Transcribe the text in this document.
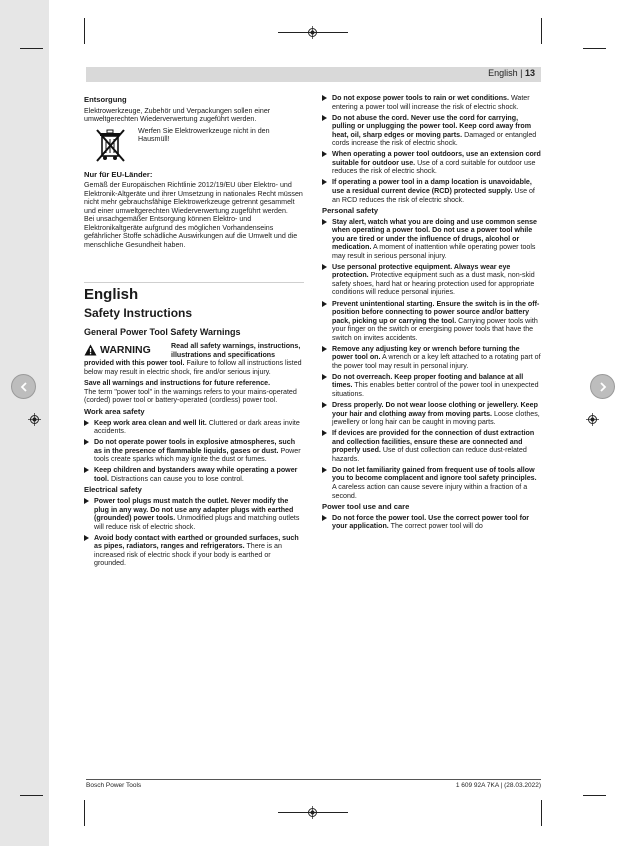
English | 13
Entsorgung
Elektrowerkzeuge, Zubehör und Verpackungen sollen einer umweltgerechten Wiederverwertung zugeführt werden.
Werfen Sie Elektrowerkzeuge nicht in den Hausmüll!
Nur für EU-Länder:
Gemäß der Europäischen Richtlinie 2012/19/EU über Elektro- und Elektronik-Altgeräte und ihrer Umsetzung in nationales Recht müssen nicht mehr gebrauchsfähige Elektrowerkzeuge getrennt gesammelt und einer umweltgerechten Wiederverwertung zugeführt werden.
Bei unsachgemäßer Entsorgung können Elektro- und Elektronikaltgeräte aufgrund des möglichen Vorhandenseins gefährlicher Stoffe schädliche Auswirkungen auf die Umwelt und die menschliche Gesundheit haben.
English
Safety Instructions
General Power Tool Safety Warnings
WARNING	Read all safety warnings, instructions, illustrations and specifications provided with this power tool. Failure to follow all instructions listed below may result in electric shock, fire and/or serious injury.
Save all warnings and instructions for future reference.
The term "power tool" in the warnings refers to your mains-operated (corded) power tool or battery-operated (cordless) power tool.
Work area safety
Keep work area clean and well lit. Cluttered or dark areas invite accidents.
Do not operate power tools in explosive atmospheres, such as in the presence of flammable liquids, gases or dust. Power tools create sparks which may ignite the dust or fumes.
Keep children and bystanders away while operating a power tool. Distractions can cause you to lose control.
Electrical safety
Power tool plugs must match the outlet. Never modify the plug in any way. Do not use any adapter plugs with earthed (grounded) power tools. Unmodified plugs and matching outlets will reduce risk of electric shock.
Avoid body contact with earthed or grounded surfaces, such as pipes, radiators, ranges and refrigerators. There is an increased risk of electric shock if your body is earthed or grounded.
Do not expose power tools to rain or wet conditions. Water entering a power tool will increase the risk of electric shock.
Do not abuse the cord. Never use the cord for carrying, pulling or unplugging the power tool. Keep cord away from heat, oil, sharp edges or moving parts. Damaged or entangled cords increase the risk of electric shock.
When operating a power tool outdoors, use an extension cord suitable for outdoor use. Use of a cord suitable for outdoor use reduces the risk of electric shock.
If operating a power tool in a damp location is unavoidable, use a residual current device (RCD) protected supply. Use of an RCD reduces the risk of electric shock.
Personal safety
Stay alert, watch what you are doing and use common sense when operating a power tool. Do not use a power tool while you are tired or under the influence of drugs, alcohol or medication. A moment of inattention while operating power tools may result in serious personal injury.
Use personal protective equipment. Always wear eye protection. Protective equipment such as a dust mask, non-skid safety shoes, hard hat or hearing protection used for appropriate conditions will reduce personal injuries.
Prevent unintentional starting. Ensure the switch is in the off-position before connecting to power source and/or battery pack, picking up or carrying the tool. Carrying power tools with your finger on the switch or energising power tools that have the switch on invites accidents.
Remove any adjusting key or wrench before turning the power tool on. A wrench or a key left attached to a rotating part of the power tool may result in personal injury.
Do not overreach. Keep proper footing and balance at all times. This enables better control of the power tool in unexpected situations.
Dress properly. Do not wear loose clothing or jewellery. Keep your hair and clothing away from moving parts. Loose clothes, jewellery or long hair can be caught in moving parts.
If devices are provided for the connection of dust extraction and collection facilities, ensure these are connected and properly used. Use of dust collection can reduce dust-related hazards.
Do not let familiarity gained from frequent use of tools allow you to become complacent and ignore tool safety principles. A careless action can cause severe injury within a fraction of a second.
Power tool use and care
Do not force the power tool. Use the correct power tool for your application. The correct power tool will do
Bosch Power Tools	1 609 92A 7KA | (28.03.2022)
